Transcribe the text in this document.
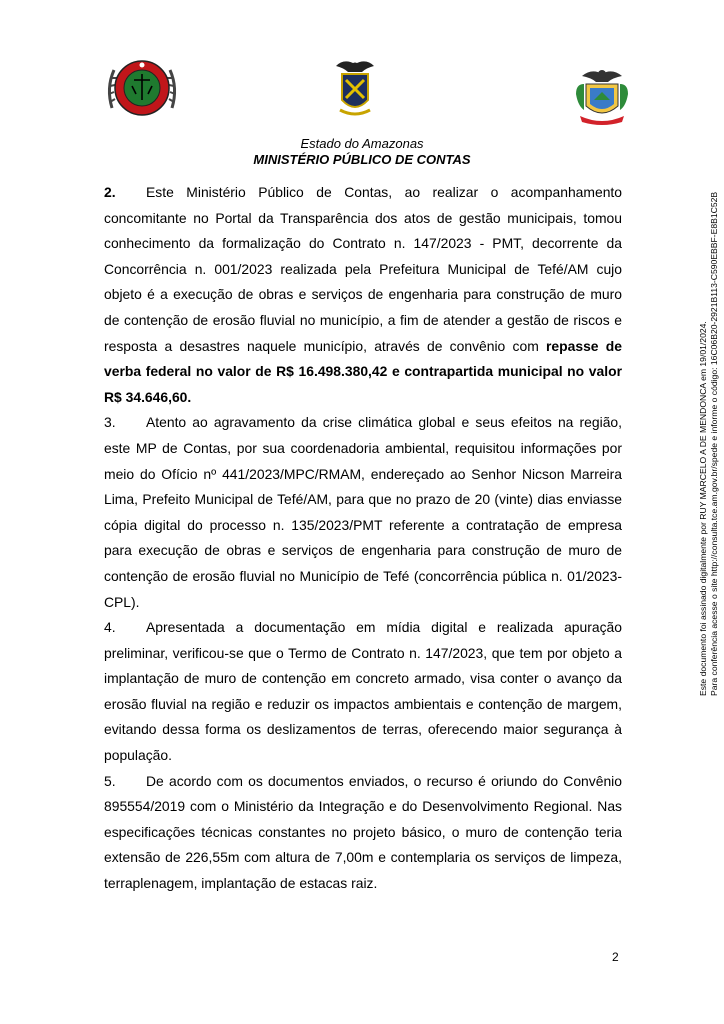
Estado do Amazonas
MINISTÉRIO PÚBLICO DE CONTAS

2. Este Ministério Público de Contas, ao realizar o acompanhamento concomitante no Portal da Transparência dos atos de gestão municipais, tomou conhecimento da formalização do Contrato n. 147/2023 - PMT, decorrente da Concorrência n. 001/2023 realizada pela Prefeitura Municipal de Tefé/AM cujo objeto é a execução de obras e serviços de engenharia para construção de muro de contenção de erosão fluvial no município, a fim de atender a gestão de riscos e resposta a desastres naquele município, através de convênio com repasse de verba federal no valor de R$ 16.498.380,42 e contrapartida municipal no valor R$ 34.646,60.

3. Atento ao agravamento da crise climática global e seus efeitos na região, este MP de Contas, por sua coordenadoria ambiental, requisitou informações por meio do Ofício nº 441/2023/MPC/RMAM, endereçado ao Senhor Nicson Marreira Lima, Prefeito Municipal de Tefé/AM, para que no prazo de 20 (vinte) dias enviasse cópia digital do processo n. 135/2023/PMT referente a contratação de empresa para execução de obras e serviços de engenharia para construção de muro de contenção de erosão fluvial no Município de Tefé (concorrência pública n. 01/2023-CPL).

4. Apresentada a documentação em mídia digital e realizada apuração preliminar, verificou-se que o Termo de Contrato n. 147/2023, que tem por objeto a implantação de muro de contenção em concreto armado, visa conter o avanço da erosão fluvial na região e reduzir os impactos ambientais e contenção de margem, evitando dessa forma os deslizamentos de terras, oferecendo maior segurança à população.

5. De acordo com os documentos enviados, o recurso é oriundo do Convênio 895554/2019 com o Ministério da Integração e do Desenvolvimento Regional. Nas especificações técnicas constantes no projeto básico, o muro de contenção teria extensão de 226,55m com altura de 7,00m e contemplaria os serviços de limpeza, terraplenagem, implantação de estacas raiz.

2
Este documento foi assinado digitalmente por RUY MARCELO A DE MENDONCA em 19/01/2024. Para conferência acesse o site http://consulta.tce.am.gov.br/spede e informe o código: 16C06B20-2921B113-C590EBBF-E8B1C52B
